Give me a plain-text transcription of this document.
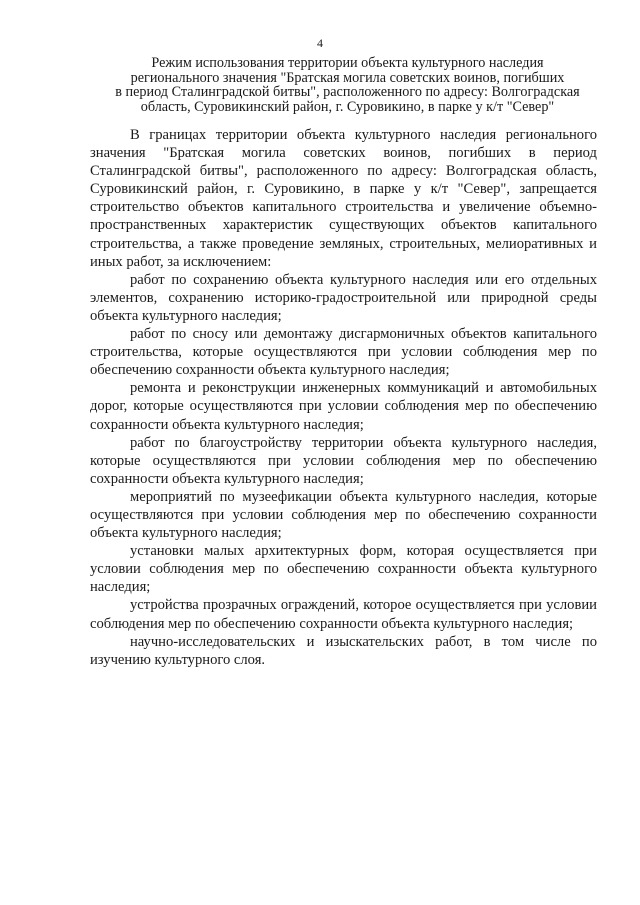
4
Режим использования территории объекта культурного наследия
регионального значения "Братская могила советских воинов, погибших
в период Сталинградской битвы", расположенного по адресу: Волгоградская
область, Суровикинский район, г. Суровикино, в парке у к/т "Север"

В границах территории объекта культурного наследия регионального значения "Братская могила советских воинов, погибших в период Сталинградской битвы", расположенного по адресу: Волгоградская область, Суровикинский район, г. Суровикино, в парке у к/т "Север", запрещается строительство объектов капитального строительства и увеличение объемно-пространственных характеристик существующих объектов капитального строительства, а также проведение земляных, строительных, мелиоративных и иных работ, за исключением:

работ по сохранению объекта культурного наследия или его отдельных элементов, сохранению историко-градостроительной или природной среды объекта культурного наследия;

работ по сносу или демонтажу дисгармоничных объектов капитального строительства, которые осуществляются при условии соблюдения мер по обеспечению сохранности объекта культурного наследия;

ремонта и реконструкции инженерных коммуникаций и автомобильных дорог, которые осуществляются при условии соблюдения мер по обеспечению сохранности объекта культурного наследия;

работ по благоустройству территории объекта культурного наследия, которые осуществляются при условии соблюдения мер по обеспечению сохранности объекта культурного наследия;

мероприятий по музеефикации объекта культурного наследия, которые осуществляются при условии соблюдения мер по обеспечению сохранности объекта культурного наследия;

установки малых архитектурных форм, которая осуществляется при условии соблюдения мер по обеспечению сохранности объекта культурного наследия;

устройства прозрачных ограждений, которое осуществляется при условии соблюдения мер по обеспечению сохранности объекта культурного наследия;

научно-исследовательских и изыскательских работ, в том числе по изучению культурного слоя.
